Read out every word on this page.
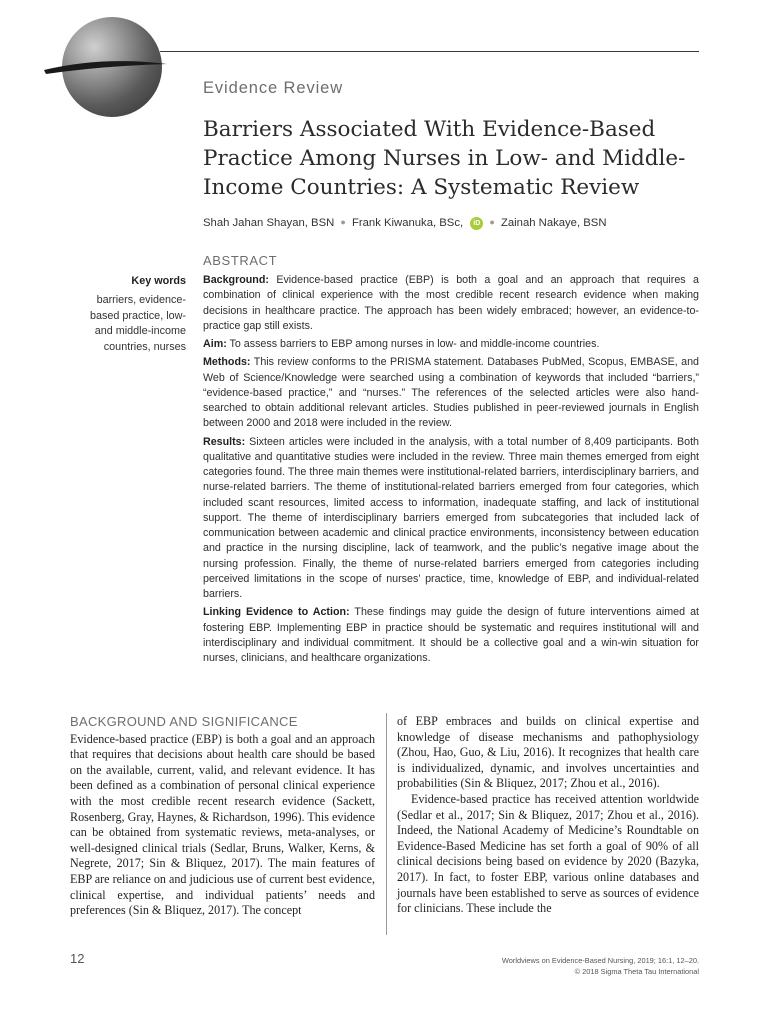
Evidence Review
Barriers Associated With Evidence-Based Practice Among Nurses in Low- and Middle-Income Countries: A Systematic Review
Shah Jahan Shayan, BSN ● Frank Kiwanuka, BSc, iD ● Zainah Nakaye, BSN
ABSTRACT
Key words
barriers, evidence-based practice, low- and middle-income countries, nurses

Background: Evidence-based practice (EBP) is both a goal and an approach that requires a combination of clinical experience with the most credible recent research evidence when making decisions in healthcare practice. The approach has been widely embraced; however, an evidence-to-practice gap still exists.

Aim: To assess barriers to EBP among nurses in low- and middle-income countries.

Methods: This review conforms to the PRISMA statement. Databases PubMed, Scopus, EMBASE, and Web of Science/Knowledge were searched using a combination of keywords that included “barriers,” “evidence-based practice,” and “nurses.” The references of the selected articles were also hand-searched to obtain additional relevant articles. Studies published in peer-reviewed journals in English between 2000 and 2018 were included in the review.

Results: Sixteen articles were included in the analysis, with a total number of 8,409 participants. Both qualitative and quantitative studies were included in the review. Three main themes emerged from eight categories found. The three main themes were institutional-related barriers, interdisciplinary barriers, and nurse-related barriers. The theme of institutional-related barriers emerged from four categories, which included scant resources, limited access to information, inadequate staffing, and lack of institutional support. The theme of interdisciplinary barriers emerged from subcategories that included lack of communication between academic and clinical practice environments, inconsistency between education and practice in the nursing discipline, lack of teamwork, and the public’s negative image about the nursing profession. Finally, the theme of nurse-related barriers emerged from categories including perceived limitations in the scope of nurses’ practice, time, knowledge of EBP, and individual-related barriers.

Linking Evidence to Action: These findings may guide the design of future interventions aimed at fostering EBP. Implementing EBP in practice should be systematic and requires institutional will and interdisciplinary and individual commitment. It should be a collective goal and a win-win situation for nurses, clinicians, and healthcare organizations.

BACKGROUND AND SIGNIFICANCE

Evidence-based practice (EBP) is both a goal and an approach that requires that decisions about health care should be based on the available, current, valid, and relevant evidence. It has been defined as a combination of personal clinical experience with the most credible recent research evidence (Sackett, Rosenberg, Gray, Haynes, & Richardson, 1996). This evidence can be obtained from systematic reviews, meta-analyses, or well-designed clinical trials (Sedlar, Bruns, Walker, Kerns, & Negrete, 2017; Sin & Bliquez, 2017). The main features of EBP are reliance on and judicious use of current best evidence, clinical expertise, and individual patients’ needs and preferences (Sin & Bliquez, 2017). The concept

of EBP embraces and builds on clinical expertise and knowledge of disease mechanisms and pathophysiology (Zhou, Hao, Guo, & Liu, 2016). It recognizes that health care is individualized, dynamic, and involves uncertainties and probabilities (Sin & Bliquez, 2017; Zhou et al., 2016).

Evidence-based practice has received attention worldwide (Sedlar et al., 2017; Sin & Bliquez, 2017; Zhou et al., 2016). Indeed, the National Academy of Medicine’s Roundtable on Evidence-Based Medicine has set forth a goal of 90% of all clinical decisions being based on evidence by 2020 (Bazyka, 2017). In fact, to foster EBP, various online databases and journals have been established to serve as sources of evidence for clinicians. These include the

12	Worldviews on Evidence-Based Nursing, 2019; 16:1, 12–20.
© 2018 Sigma Theta Tau International
